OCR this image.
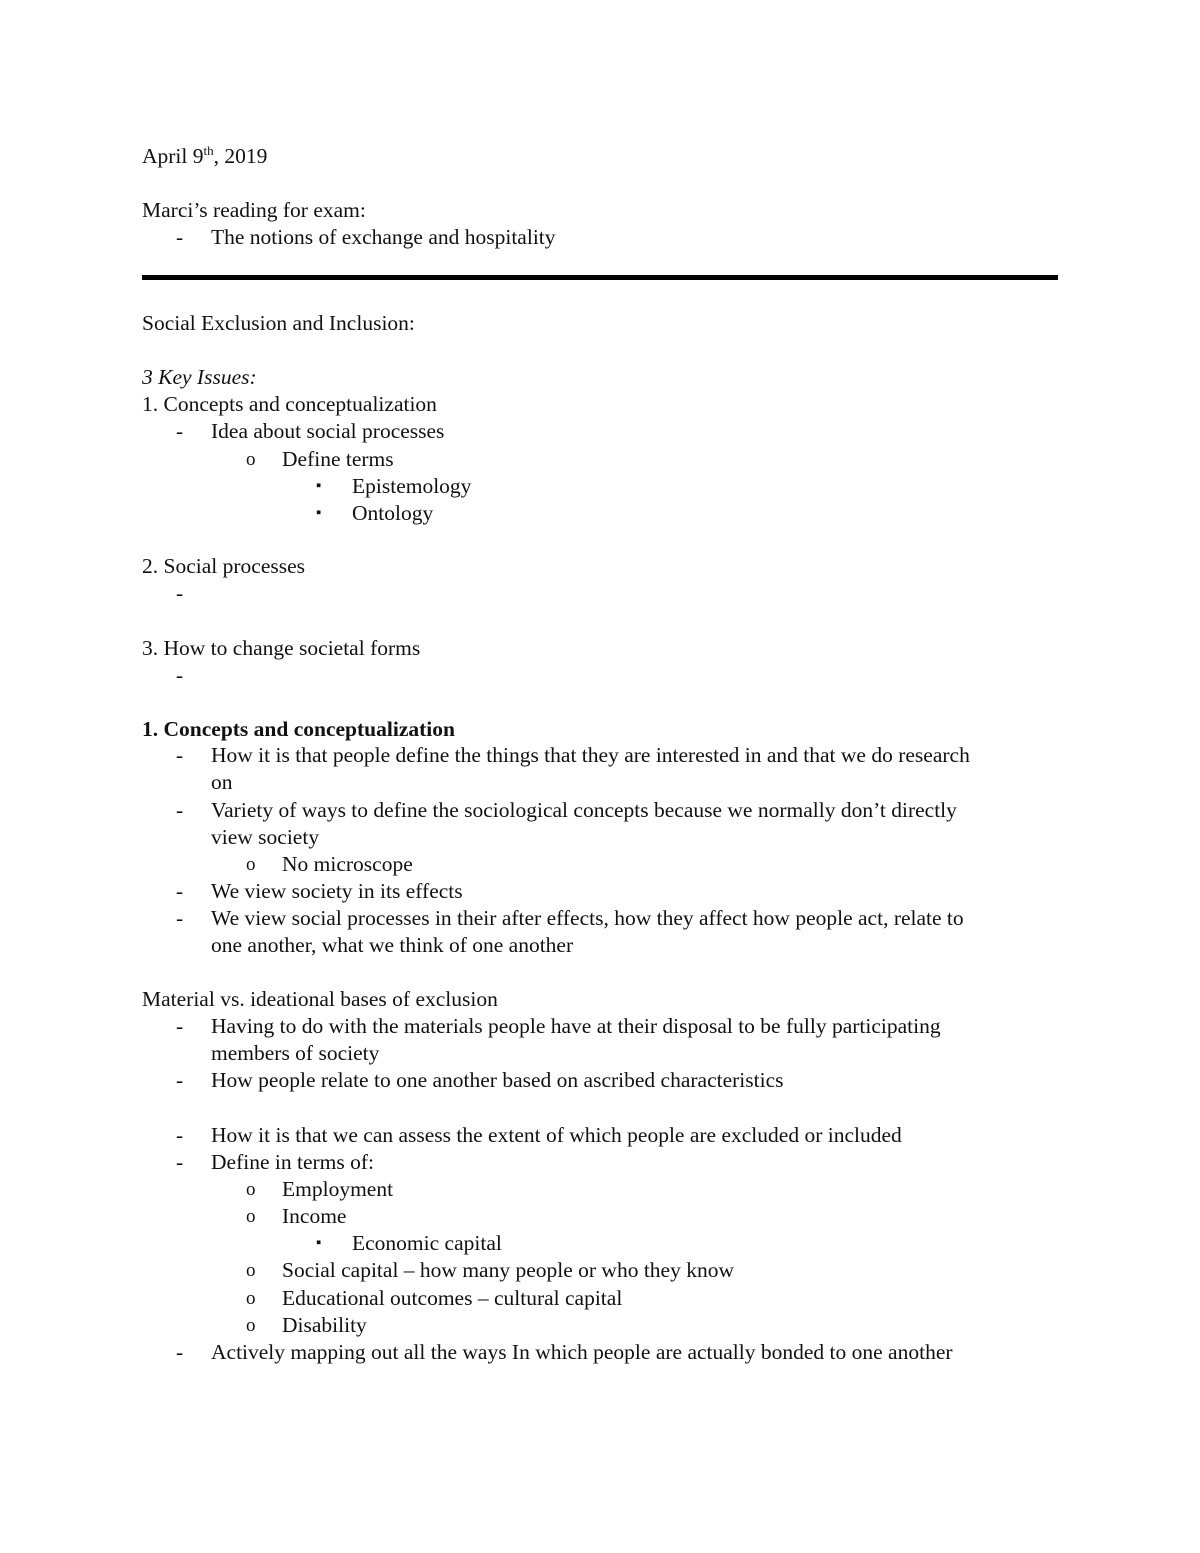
April 9th, 2019
Marci’s reading for exam:
- The notions of exchange and hospitality
Social Exclusion and Inclusion:
3 Key Issues:
1. Concepts and conceptualization
- Idea about social processes
o Define terms
▪ Epistemology
▪ Ontology
2. Social processes
-
3. How to change societal forms
-
1. Concepts and conceptualization
- How it is that people define the things that they are interested in and that we do research
on
- Variety of ways to define the sociological concepts because we normally don’t directly
view society
o No microscope
- We view society in its effects
- We view social processes in their after effects, how they affect how people act, relate to
one another, what we think of one another
Material vs. ideational bases of exclusion
- Having to do with the materials people have at their disposal to be fully participating
members of society
- How people relate to one another based on ascribed characteristics
- How it is that we can assess the extent of which people are excluded or included
- Define in terms of:
o Employment
o Income
▪ Economic capital
o Social capital – how many people or who they know
o Educational outcomes – cultural capital
o Disability
- Actively mapping out all the ways In which people are actually bonded to one another
